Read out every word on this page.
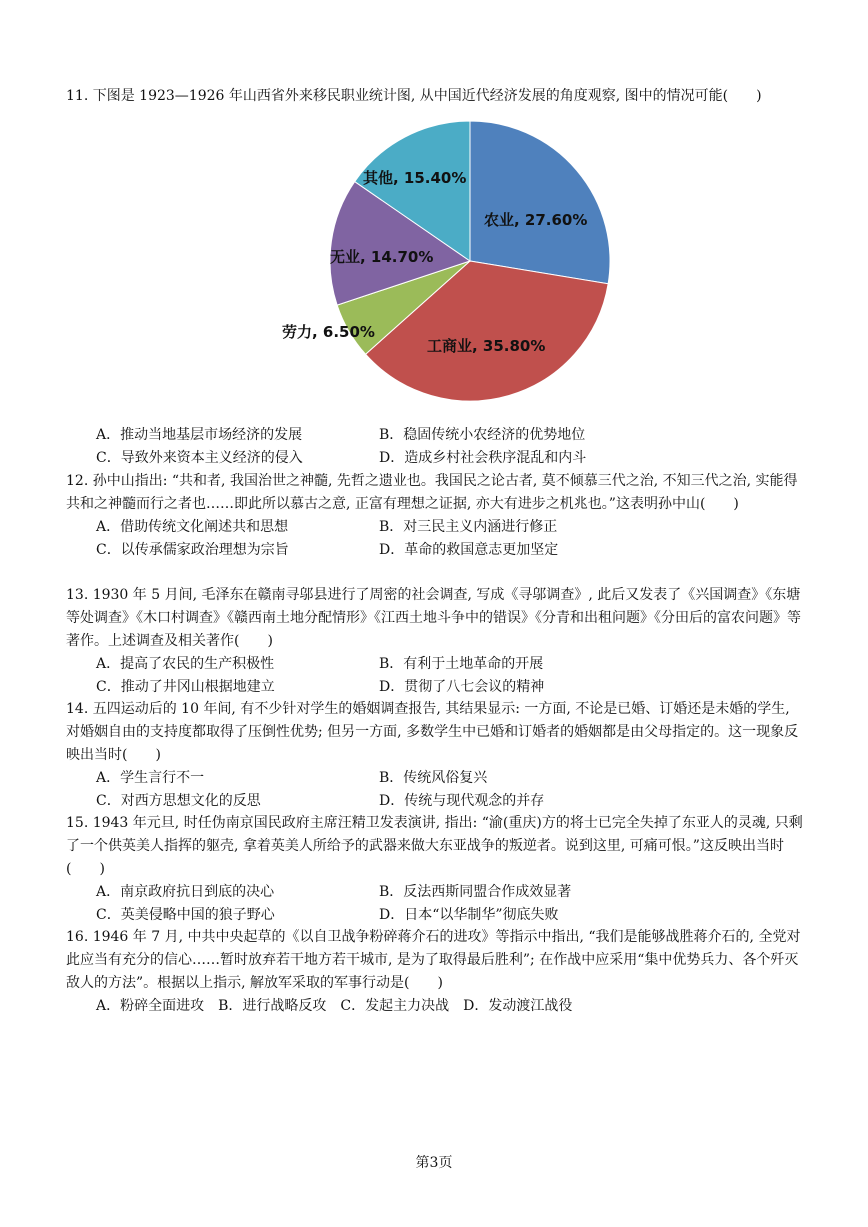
11. 下图是 1923—1926 年山西省外来移民职业统计图, 从中国近代经济发展的角度观察, 图中的情况可能(　　)

农业, 27.60%
工商业, 35.80%
劳力, 6.50%
无业, 14.70%
其他, 15.40%
A．推动当地基层市场经济的发展	B．稳固传统小农经济的优势地位
C．导致外来资本主义经济的侵入	D．造成乡村社会秩序混乱和内斗

12. 孙中山指出: “共和者, 我国治世之神髓, 先哲之遗业也。我国民之论古者, 莫不倾慕三代之治, 不知三代之治, 实能得共和之神髓而行之者也……即此所以慕古之意, 正富有理想之证据, 亦大有进步之机兆也。”这表明孙中山(　　)

A．借助传统文化阐述共和思想	B．对三民主义内涵进行修正
C．以传承儒家政治理想为宗旨	D．革命的救国意志更加坚定

13. 1930 年 5 月间, 毛泽东在赣南寻邬县进行了周密的社会调查, 写成《寻邬调查》, 此后又发表了《兴国调查》《东塘等处调查》《木口村调查》《赣西南土地分配情形》《江西土地斗争中的错误》《分青和出租问题》《分田后的富农问题》等著作。上述调查及相关著作(　　)

A．提高了农民的生产积极性	B．有利于土地革命的开展
C．推动了井冈山根据地建立	D．贯彻了八七会议的精神

14. 五四运动后的 10 年间, 有不少针对学生的婚姻调查报告, 其结果显示: 一方面, 不论是已婚、订婚还是未婚的学生, 对婚姻自由的支持度都取得了压倒性优势; 但另一方面, 多数学生中已婚和订婚者的婚姻都是由父母指定的。这一现象反映出当时(　　)

A．学生言行不一	B．传统风俗复兴
C．对西方思想文化的反思	D．传统与现代观念的并存

15. 1943 年元旦, 时任伪南京国民政府主席汪精卫发表演讲, 指出: “渝(重庆)方的将士已完全失掉了东亚人的灵魂, 只剩了一个供英美人指挥的躯壳, 拿着英美人所给予的武器来做大东亚战争的叛逆者。说到这里, 可痛可恨。”这反映出当时(　　)

A．南京政府抗日到底的决心	B．反法西斯同盟合作成效显著
C．英美侵略中国的狼子野心	D．日本“以华制华”彻底失败

16. 1946 年 7 月, 中共中央起草的《以自卫战争粉碎蒋介石的进攻》等指示中指出, “我们是能够战胜蒋介石的, 全党对此应当有充分的信心……暂时放弃若干地方若干城市, 是为了取得最后胜利”; 在作战中应采用“集中优势兵力、各个歼灭敌人的方法”。根据以上指示, 解放军采取的军事行动是(　　)

A．粉碎全面进攻 B．进行战略反攻 C．发起主力决战 D．发动渡江战役
第3页
